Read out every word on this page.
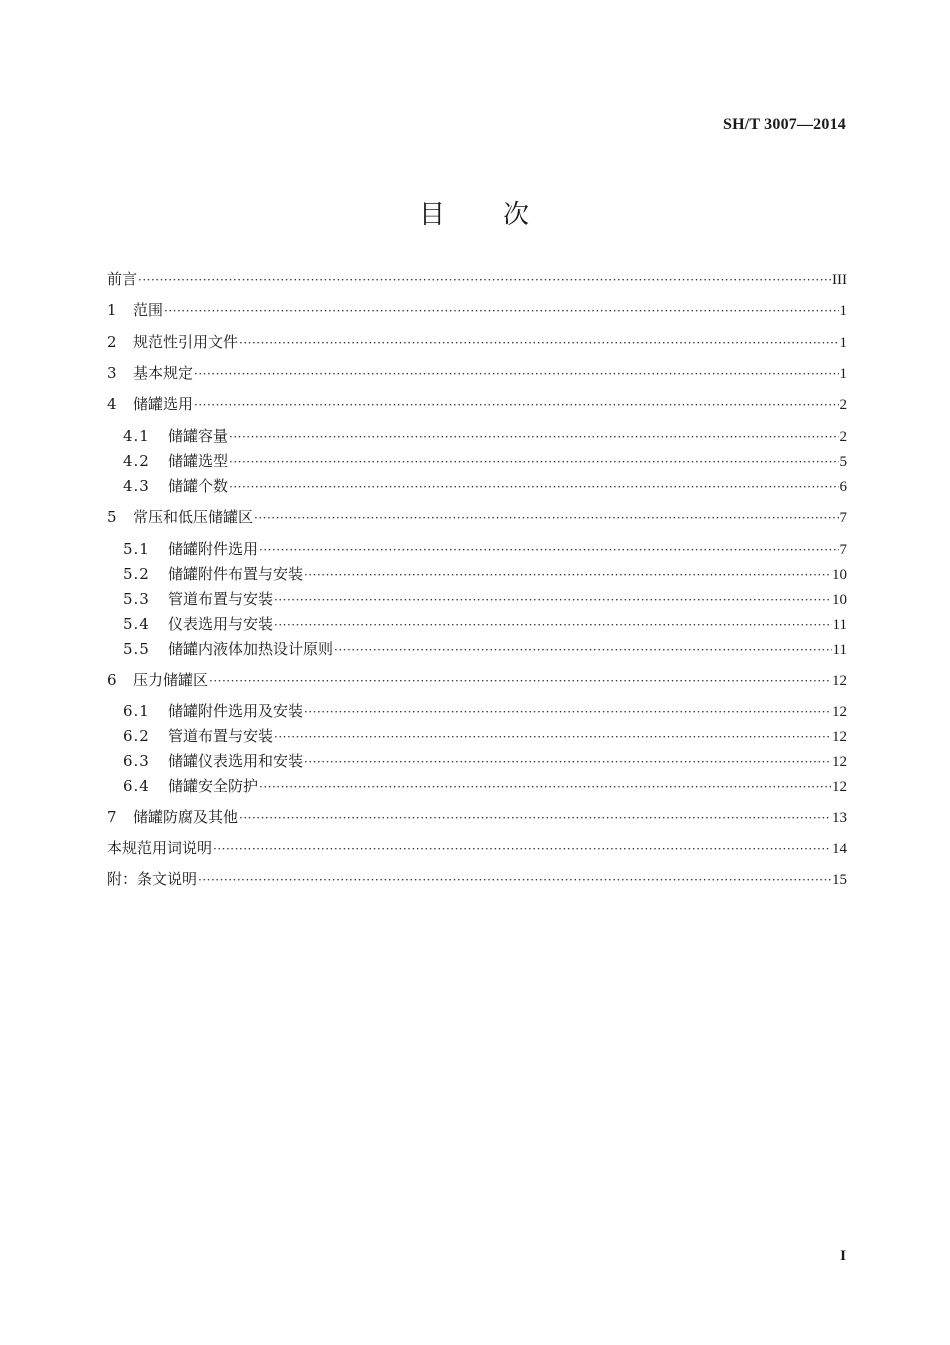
SH/T 3007—2014
目　　次
前言 ·····	III
1	范围 ·····	1
2	规范性引用文件 ·····	1
3	基本规定 ·····	1
4	储罐选用 ·····	2
4.1	储罐容量 ·····	2
4.2	储罐选型 ·····	5
4.3	储罐个数 ·····	6
5	常压和低压储罐区 ·····	7
5.1	储罐附件选用 ·····	7
5.2	储罐附件布置与安装 ·····	10
5.3	管道布置与安装 ·····	10
5.4	仪表选用与安装 ·····	11
5.5	储罐内液体加热设计原则 ·····	11
6	压力储罐区 ·····	12
6.1	储罐附件选用及安装 ·····	12
6.2	管道布置与安装 ·····	12
6.3	储罐仪表选用和安装 ·····	12
6.4	储罐安全防护 ·····	12
7	储罐防腐及其他 ·····	13
本规范用词说明 ·····	14
附：条文说明 ·····	15
I
